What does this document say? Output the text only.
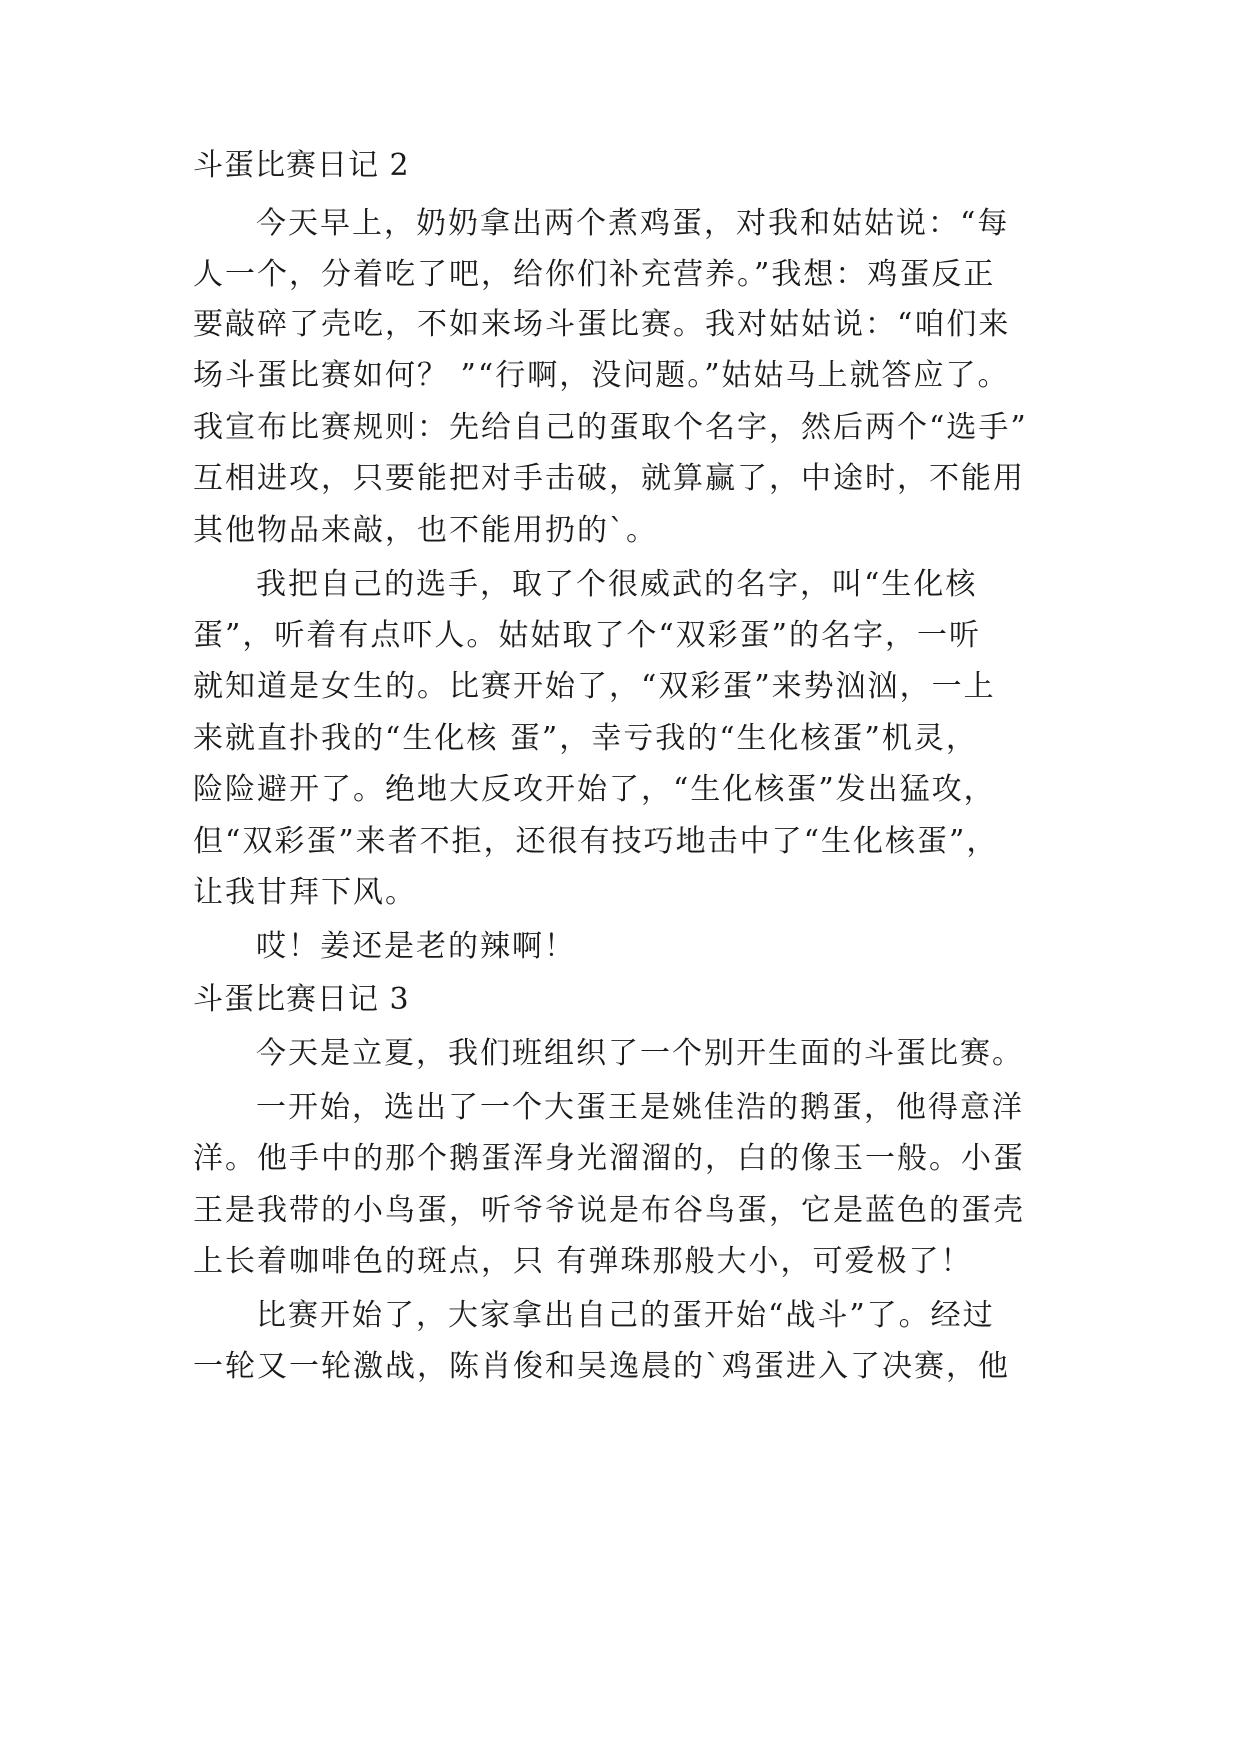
斗蛋比赛日记 2
今天早上，奶奶拿出两个煮鸡蛋，对我和姑姑说：“每
人一个，分着吃了吧，给你们补充营养。”我想：鸡蛋反正
要敲碎了壳吃，不如来场斗蛋比赛。我对姑姑说：“咱们来
场斗蛋比赛如何？ ”“行啊，没问题。”姑姑马上就答应了。
我宣布比赛规则：先给自己的蛋取个名字，然后两个“选手”
互相进攻，只要能把对手击破，就算赢了，中途时，不能用
其他物品来敲，也不能用扔的`。
我把自己的选手，取了个很威武的名字，叫“生化核
蛋”，听着有点吓人。姑姑取了个“双彩蛋”的名字，一听
就知道是女生的。比赛开始了，“双彩蛋”来势汹汹，一上
来就直扑我的“生化核 蛋”，幸亏我的“生化核蛋”机灵，
险险避开了。绝地大反攻开始了，“生化核蛋”发出猛攻，
但“双彩蛋”来者不拒，还很有技巧地击中了“生化核蛋”，
让我甘拜下风。
哎！姜还是老的辣啊！
斗蛋比赛日记 3
今天是立夏，我们班组织了一个别开生面的斗蛋比赛。
一开始，选出了一个大蛋王是姚佳浩的鹅蛋，他得意洋
洋。他手中的那个鹅蛋浑身光溜溜的，白的像玉一般。小蛋
王是我带的小鸟蛋，听爷爷说是布谷鸟蛋，它是蓝色的蛋壳
上长着咖啡色的斑点，只 有弹珠那般大小，可爱极了！
比赛开始了，大家拿出自己的蛋开始“战斗”了。经过
一轮又一轮激战，陈肖俊和吴逸晨的`鸡蛋进入了决赛，他
